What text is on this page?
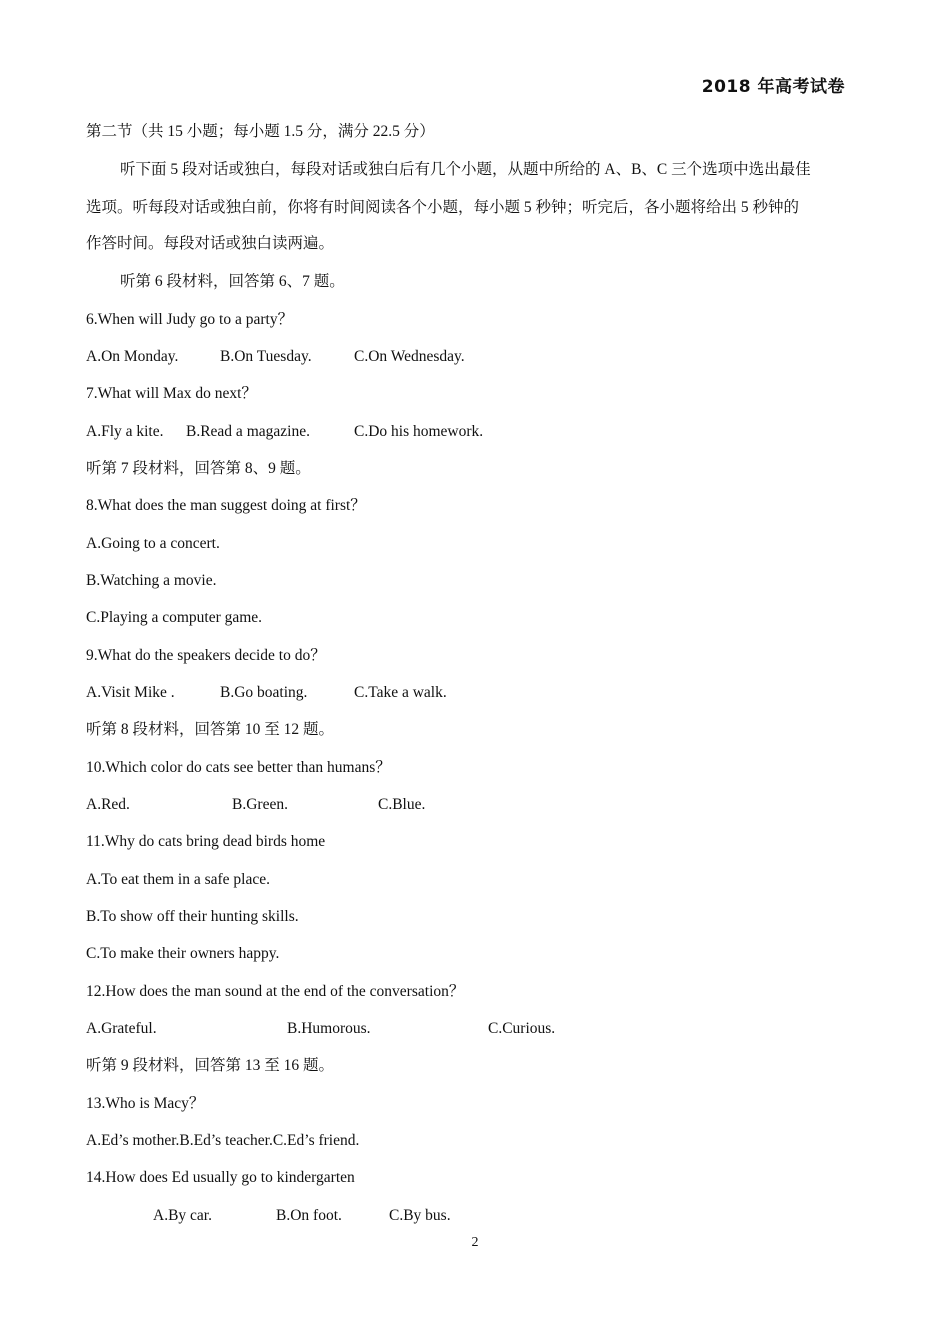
2018 年高考试卷
第二节（共 15 小题；每小题 1.5 分，满分 22.5 分）
听下面 5 段对话或独白，每段对话或独白后有几个小题，从题中所给的 A、B、C 三个选项中选出最佳
选项。听每段对话或独白前，你将有时间阅读各个小题，每小题 5 秒钟；听完后，各小题将给出 5 秒钟的
作答时间。每段对话或独白读两遍。
听第 6 段材料，回答第 6、7 题。
6.When will Judy go to a party？
A.On Monday.	B.On Tuesday.	C.On Wednesday.
7.What will Max do next？
A.Fly a kite. B.Read a magazine.	C.Do his homework.
听第 7 段材料，回答第 8、9 题。
8.What does the man suggest doing at first？
A.Going to a concert.
B.Watching a movie.
C.Playing a computer game.
9.What do the speakers decide to do？
A.Visit Mike .	B.Go boating.	C.Take a walk.
听第 8 段材料，回答第 10 至 12 题。
10.Which color do cats see better than humans？
A.Red.	B.Green.	C.Blue.
11.Why do cats bring dead birds home
A.To eat them in a safe place.
B.To show off their hunting skills.
C.To make their owners happy.
12.How does the man sound at the end of the conversation？
A.Grateful.	B.Humorous.	C.Curious.
听第 9 段材料，回答第 13 至 16 题。
13.Who is Macy？
A.Ed’s mother.B.Ed’s teacher.C.Ed’s friend.
14.How does Ed usually go to kindergarten
A.By car.	B.On foot.	C.By bus.
2
